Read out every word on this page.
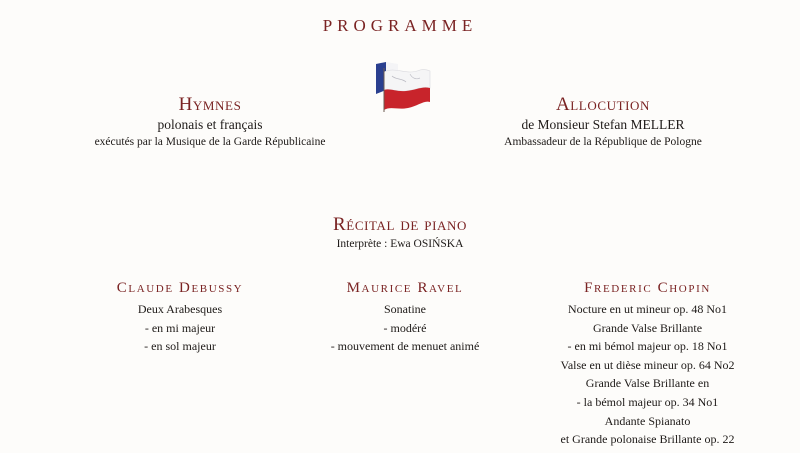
PROGRAMME
Hymnes
polonais et français
exécutés par la Musique de la Garde Républicaine
Allocution
de Monsieur Stefan MELLER
Ambassadeur de la République de Pologne
Récital de piano
Interprète : Ewa OSIŃSKA
Claude Debussy
Deux Arabesques
- en mi majeur
- en sol majeur
Maurice Ravel
Sonatine
- modéré
- mouvement de menuet animé
Frederic Chopin
Nocture en ut mineur op. 48 No1
Grande Valse Brillante
- en mi bémol majeur op. 18 No1
Valse en ut dièse mineur op. 64 No2
Grande Valse Brillante en
- la bémol majeur op. 34 No1
Andante Spianato
et Grande polonaise Brillante op. 22
